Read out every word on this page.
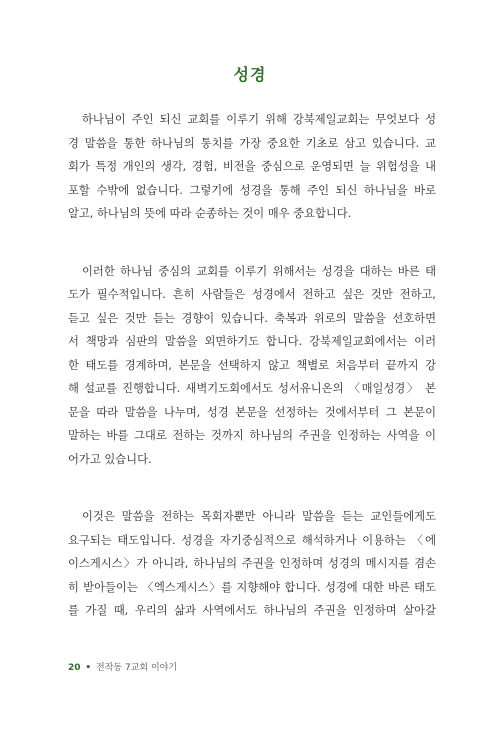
성경
하나님이 주인 되신 교회를 이루기 위해 강북제일교회는 무엇보다 성
경 말씀을 통한 하나님의 통치를 가장 중요한 기초로 삼고 있습니다. 교
회가 특정 개인의 생각, 경험, 비전을 중심으로 운영되면 늘 위험성을 내
포할 수밖에 없습니다. 그렇기에 성경을 통해 주인 되신 하나님을 바로
알고, 하나님의 뜻에 따라 순종하는 것이 매우 중요합니다.
이러한 하나님 중심의 교회를 이루기 위해서는 성경을 대하는 바른 태
도가 필수적입니다. 흔히 사람들은 성경에서 전하고 싶은 것만 전하고,
듣고 싶은 것만 듣는 경향이 있습니다. 축복과 위로의 말씀을 선호하면
서 책망과 심판의 말씀을 외면하기도 합니다. 강북제일교회에서는 이러
한 태도를 경계하며, 본문을 선택하지 않고 책별로 처음부터 끝까지 강
해 설교를 진행합니다. 새벽기도회에서도 성서유니온의 〈매일성경〉 본
문을 따라 말씀을 나누며, 성경 본문을 선정하는 것에서부터 그 본문이
말하는 바를 그대로 전하는 것까지 하나님의 주권을 인정하는 사역을 이
어가고 있습니다.
이것은 말씀을 전하는 목회자뿐만 아니라 말씀을 듣는 교인들에게도
요구되는 태도입니다. 성경을 자기중심적으로 해석하거나 이용하는 〈에
이스게시스〉가 아니라, 하나님의 주권을 인정하며 성경의 메시지를 겸손
히 받아들이는 〈엑스게시스〉를 지향해야 합니다. 성경에 대한 바른 태도
를 가질 때, 우리의 삶과 사역에서도 하나님의 주권을 인정하며 살아갈
20 • 전작동 7교회 이야기
